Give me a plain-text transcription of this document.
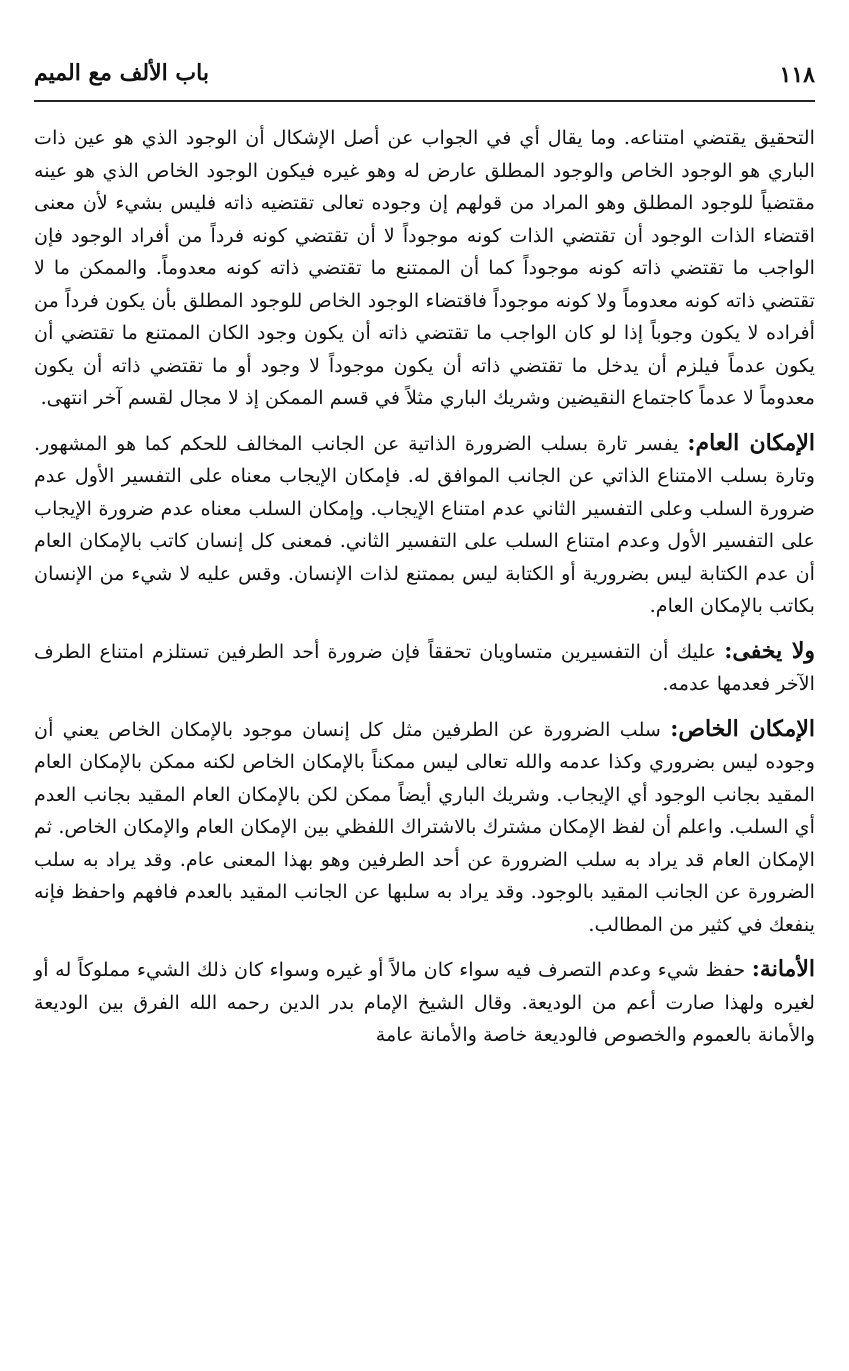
١١٨
باب الألف مع الميم

التحقيق يقتضي امتناعه. وما يقال أي في الجواب عن أصل الإشكال أن الوجود الذي هو عين ذات الباري هو الوجود الخاص والوجود المطلق عارض له وهو غيره فيكون الوجود الخاص الذي هو عينه مقتضياً للوجود المطلق وهو المراد من قولهم إن وجوده تعالى تقتضيه ذاته فليس بشيء لأن معنى اقتضاء الذات الوجود أن تقتضي الذات كونه موجوداً لا أن تقتضي كونه فرداً من أفراد الوجود فإن الواجب ما تقتضي ذاته كونه موجوداً كما أن الممتنع ما تقتضي ذاته كونه معدوماً. والممكن ما لا تقتضي ذاته كونه معدوماً ولا كونه موجوداً فاقتضاء الوجود الخاص للوجود المطلق بأن يكون فرداً من أفراده لا يكون وجوباً إذا لو كان الواجب ما تقتضي ذاته أن يكون وجود الكان الممتنع ما تقتضي أن يكون عدماً فيلزم أن يدخل ما تقتضي ذاته أن يكون موجوداً لا وجود أو ما تقتضي ذاته أن يكون معدوماً لا عدماً كاجتماع النقيضين وشريك الباري مثلاً في قسم الممكن إذ لا مجال لقسم آخر انتهى.

الإمكان العام: يفسر تارة بسلب الضرورة الذاتية عن الجانب المخالف للحكم كما هو المشهور. وتارة بسلب الامتناع الذاتي عن الجانب الموافق له. فإمكان الإيجاب معناه على التفسير الأول عدم ضرورة السلب وعلى التفسير الثاني عدم امتناع الإيجاب. وإمكان السلب معناه عدم ضرورة الإيجاب على التفسير الأول وعدم امتناع السلب على التفسير الثاني. فمعنى كل إنسان كاتب بالإمكان العام أن عدم الكتابة ليس بضرورية أو الكتابة ليس بممتنع لذات الإنسان. وقس عليه لا شيء من الإنسان بكاتب بالإمكان العام.

ولا يخفى: عليك أن التفسيرين متساويان تحققاً فإن ضرورة أحد الطرفين تستلزم امتناع الطرف الآخر فعدمها عدمه.

الإمكان الخاص: سلب الضرورة عن الطرفين مثل كل إنسان موجود بالإمكان الخاص يعني أن وجوده ليس بضروري وكذا عدمه والله تعالى ليس ممكناً بالإمكان الخاص لكنه ممكن بالإمكان العام المقيد بجانب الوجود أي الإيجاب. وشريك الباري أيضاً ممكن لكن بالإمكان العام المقيد بجانب العدم أي السلب. واعلم أن لفظ الإمكان مشترك بالاشتراك اللفظي بين الإمكان العام والإمكان الخاص. ثم الإمكان العام قد يراد به سلب الضرورة عن أحد الطرفين وهو بهذا المعنى عام. وقد يراد به سلب الضرورة عن الجانب المقيد بالوجود. وقد يراد به سلبها عن الجانب المقيد بالعدم فافهم واحفظ فإنه ينفعك في كثير من المطالب.

الأمانة: حفظ شيء وعدم التصرف فيه سواء كان مالاً أو غيره وسواء كان ذلك الشيء مملوكاً له أو لغيره ولهذا صارت أعم من الوديعة. وقال الشيخ الإمام بدر الدين رحمه الله الفرق بين الوديعة والأمانة بالعموم والخصوص فالوديعة خاصة والأمانة عامة
